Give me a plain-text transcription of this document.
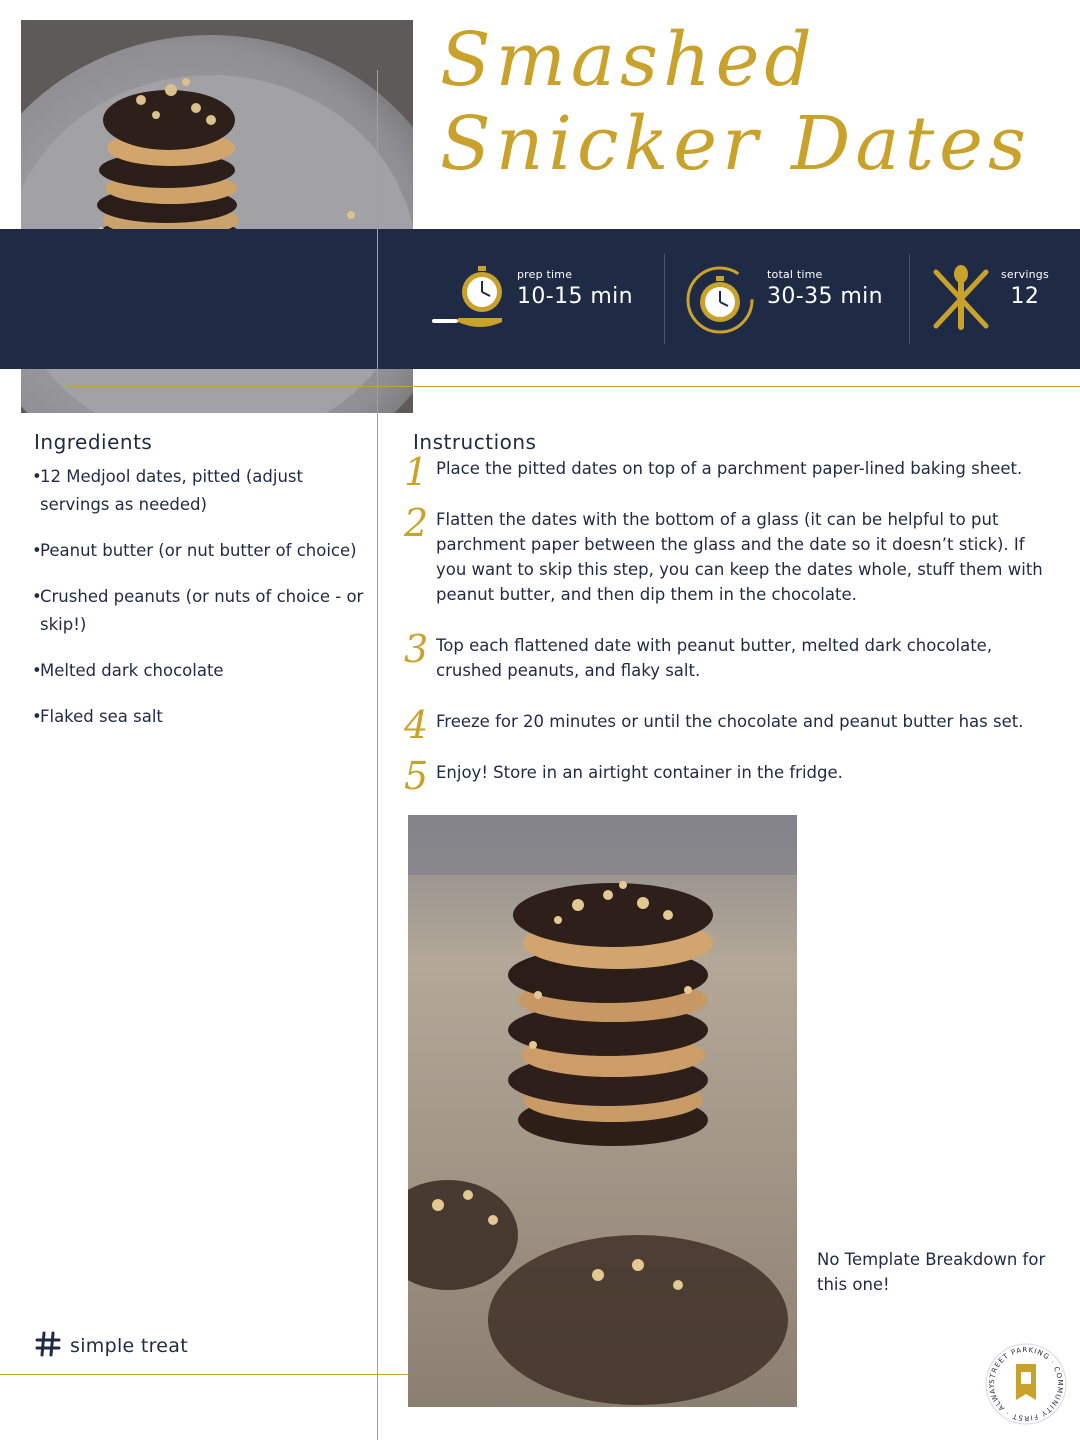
Smashed
Snicker Dates
prep time
10-15 min
total time
30-35 min
servings
12
Ingredients
•
12 Medjool dates, pitted (adjust servings as needed)
•
Peanut butter (or nut butter of choice)
•
Crushed peanuts (or nuts of choice - or skip!)
•
Melted dark chocolate
•
Flaked sea salt
Instructions
1 Place the pitted dates on top of a parchment paper-lined baking sheet.
2 Flatten the dates with the bottom of a glass (it can be helpful to put parchment paper between the glass and the date so it doesn’t stick). If you want to skip this step, you can keep the dates whole, stuff them with peanut butter, and then dip them in the chocolate.
3 Top each flattened date with peanut butter, melted dark chocolate, crushed peanuts, and flaky salt.
4 Freeze for 20 minutes or until the chocolate and peanut butter has set.
5 Enjoy! Store in an airtight container in the fridge.
No Template Breakdown for this one!
simple treat
STREET PARKING · COMMUNITY FIRST · ALWAY
